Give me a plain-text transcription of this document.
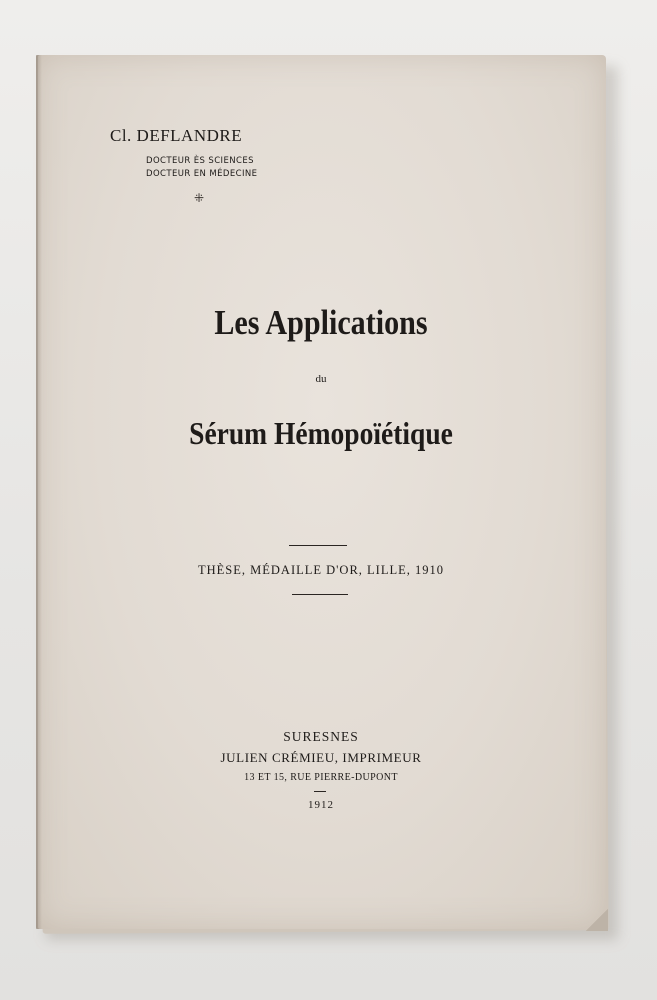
Cl. DEFLANDRE
DOCTEUR ÈS SCIENCES
DOCTEUR EN MÉDECINE
⁜
Les Applications
du
Sérum Hémopoïétique
THÈSE, MÉDAILLE D'OR, LILLE, 1910
SURESNES
JULIEN CRÉMIEU, IMPRIMEUR
13 ET 15, RUE PIERRE-DUPONT
1912
